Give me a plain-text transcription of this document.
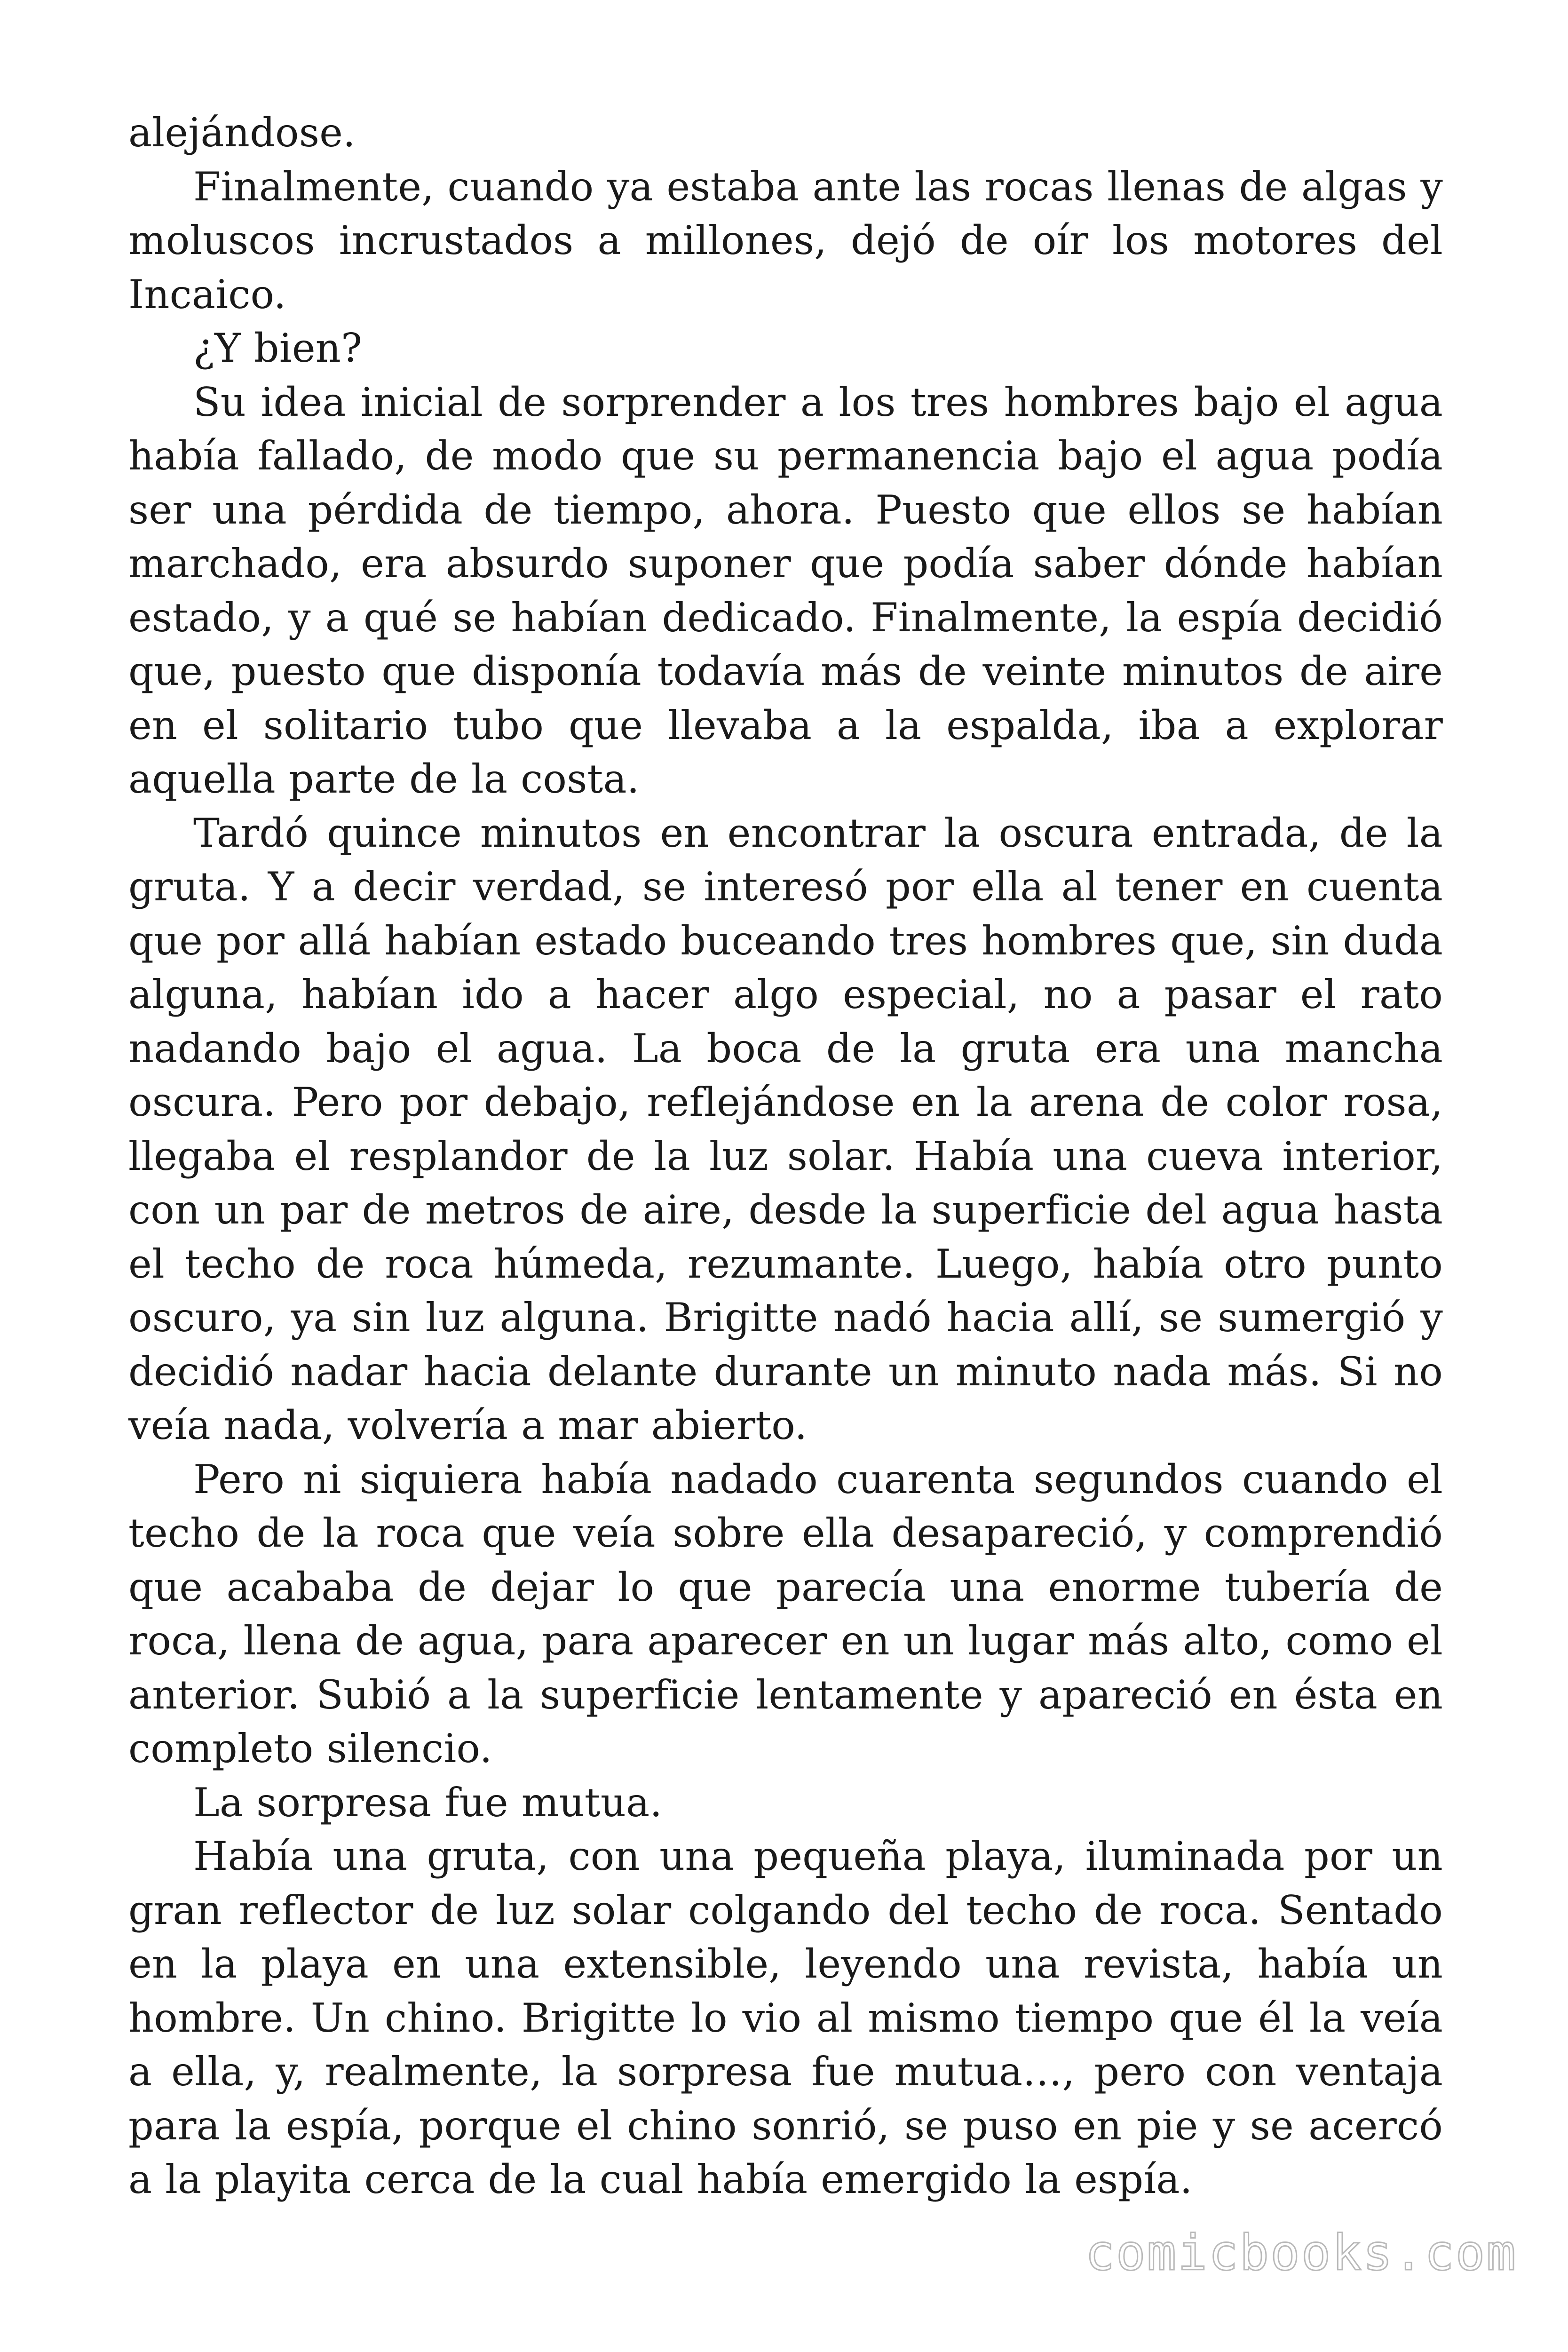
alejándose.

Finalmente, cuando ya estaba ante las rocas llenas de algas y moluscos incrustados a millones, dejó de oír los motores del Incaico.

¿Y bien?

Su idea inicial de sorprender a los tres hombres bajo el agua había fallado, de modo que su permanencia bajo el agua podía ser una pérdida de tiempo, ahora. Puesto que ellos se habían marchado, era absurdo suponer que podía saber dónde habían estado, y a qué se habían dedicado. Finalmente, la espía decidió que, puesto que disponía todavía más de veinte minutos de aire en el solitario tubo que llevaba a la espalda, iba a explorar aquella parte de la costa.

Tardó quince minutos en encontrar la oscura entrada, de la gruta. Y a decir verdad, se interesó por ella al tener en cuenta que por allá habían estado buceando tres hombres que, sin duda alguna, habían ido a hacer algo especial, no a pasar el rato nadando bajo el agua. La boca de la gruta era una mancha oscura. Pero por debajo, reflejándose en la arena de color rosa, llegaba el resplandor de la luz solar. Había una cueva interior, con un par de metros de aire, desde la superficie del agua hasta el techo de roca húmeda, rezumante. Luego, había otro punto oscuro, ya sin luz alguna. Brigitte nadó hacia allí, se sumergió y decidió nadar hacia delante durante un minuto nada más. Si no veía nada, volvería a mar abierto.

Pero ni siquiera había nadado cuarenta segundos cuando el techo de la roca que veía sobre ella desapareció, y comprendió que acababa de dejar lo que parecía una enorme tubería de roca, llena de agua, para aparecer en un lugar más alto, como el anterior. Subió a la superficie lentamente y apareció en ésta en completo silencio.

La sorpresa fue mutua.

Había una gruta, con una pequeña playa, iluminada por un gran reflector de luz solar colgando del techo de roca. Sentado en la playa en una extensible, leyendo una revista, había un hombre. Un chino. Brigitte lo vio al mismo tiempo que él la veía a ella, y, realmente, la sorpresa fue mutua…, pero con ventaja para la espía, porque el chino sonrió, se puso en pie y se acercó a la playita cerca de la cual había emergido la espía.

comicbooks.com
